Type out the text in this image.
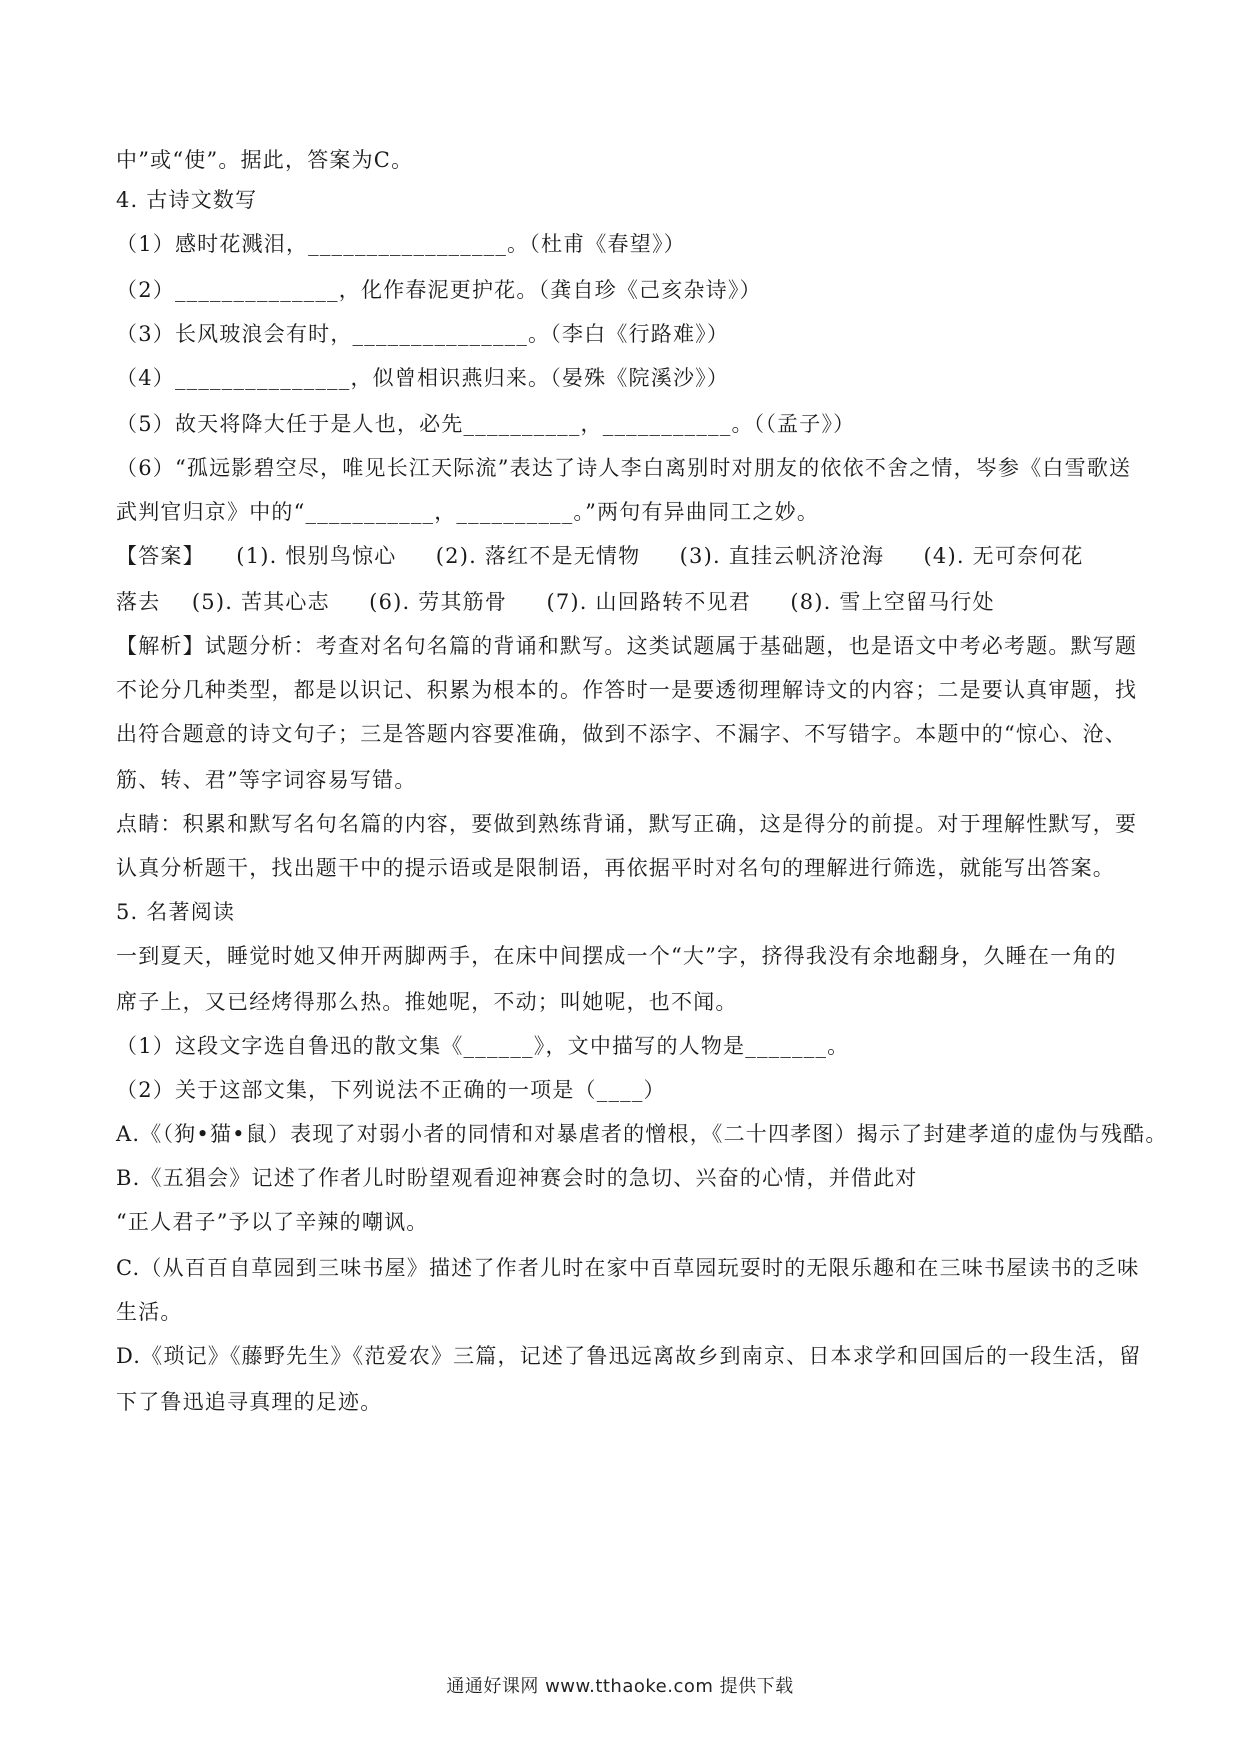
中”或“使”。据此，答案为C。
4. 古诗文数写
（1）感时花溅泪，_________________。（杜甫《春望》）
（2）______________，化作春泥更护花。（龚自珍《己亥杂诗》）
（3）长风玻浪会有时，_______________。（李白《行路难》）
（4）_______________，似曾相识燕归来。（晏殊《院溪沙》）
（5）故天将降大任于是人也，必先__________，___________。（（孟子》）
（6）“孤远影碧空尽，唯见长江天际流”表达了诗人李白离别时对朋友的依依不舍之情，岑参《白雪歌送
武判官归京》中的“___________，__________。”两句有异曲同工之妙。
【答案】    (1). 恨别鸟惊心     (2). 落红不是无情物     (3). 直挂云帆济沧海     (4). 无可奈何花
落去    (5). 苦其心志     (6). 劳其筋骨     (7). 山回路转不见君     (8). 雪上空留马行处
【解析】试题分析：考查对名句名篇的背诵和默写。这类试题属于基础题，也是语文中考必考题。默写题
不论分几种类型，都是以识记、积累为根本的。作答时一是要透彻理解诗文的内容；二是要认真审题，找
出符合题意的诗文句子；三是答题内容要准确，做到不添字、不漏字、不写错字。本题中的“惊心、沧、
筋、转、君”等字词容易写错。
点睛：积累和默写名句名篇的内容，要做到熟练背诵，默写正确，这是得分的前提。对于理解性默写，要
认真分析题干，找出题干中的提示语或是限制语，再依据平时对名句的理解进行筛选，就能写出答案。
5. 名著阅读
一到夏天，睡觉时她又伸开两脚两手，在床中间摆成一个“大”字，挤得我没有余地翻身，久睡在一角的
席子上，又已经烤得那么热。推她呢，不动；叫她呢，也不闻。
（1）这段文字选自鲁迅的散文集《______》，文中描写的人物是_______。
（2）关于这部文集，下列说法不正确的一项是（____）
A.《（狗•猫•鼠）表现了对弱小者的同情和对暴虐者的憎根，《二十四孝图）揭示了封建孝道的虚伪与残酷。
B.《五猖会》记述了作者儿时盼望观看迎神赛会时的急切、兴奋的心情，并借此对
“正人君子”予以了辛辣的嘲讽。
C.（从百百自草园到三味书屋》描述了作者儿时在家中百草园玩耍时的无限乐趣和在三味书屋读书的乏味
生活。
D.《琐记》《藤野先生》《范爱农》三篇，记述了鲁迅远离故乡到南京、日本求学和回国后的一段生活，留
下了鲁迅追寻真理的足迹。
通通好课网 www.tthaoke.com 提供下载
